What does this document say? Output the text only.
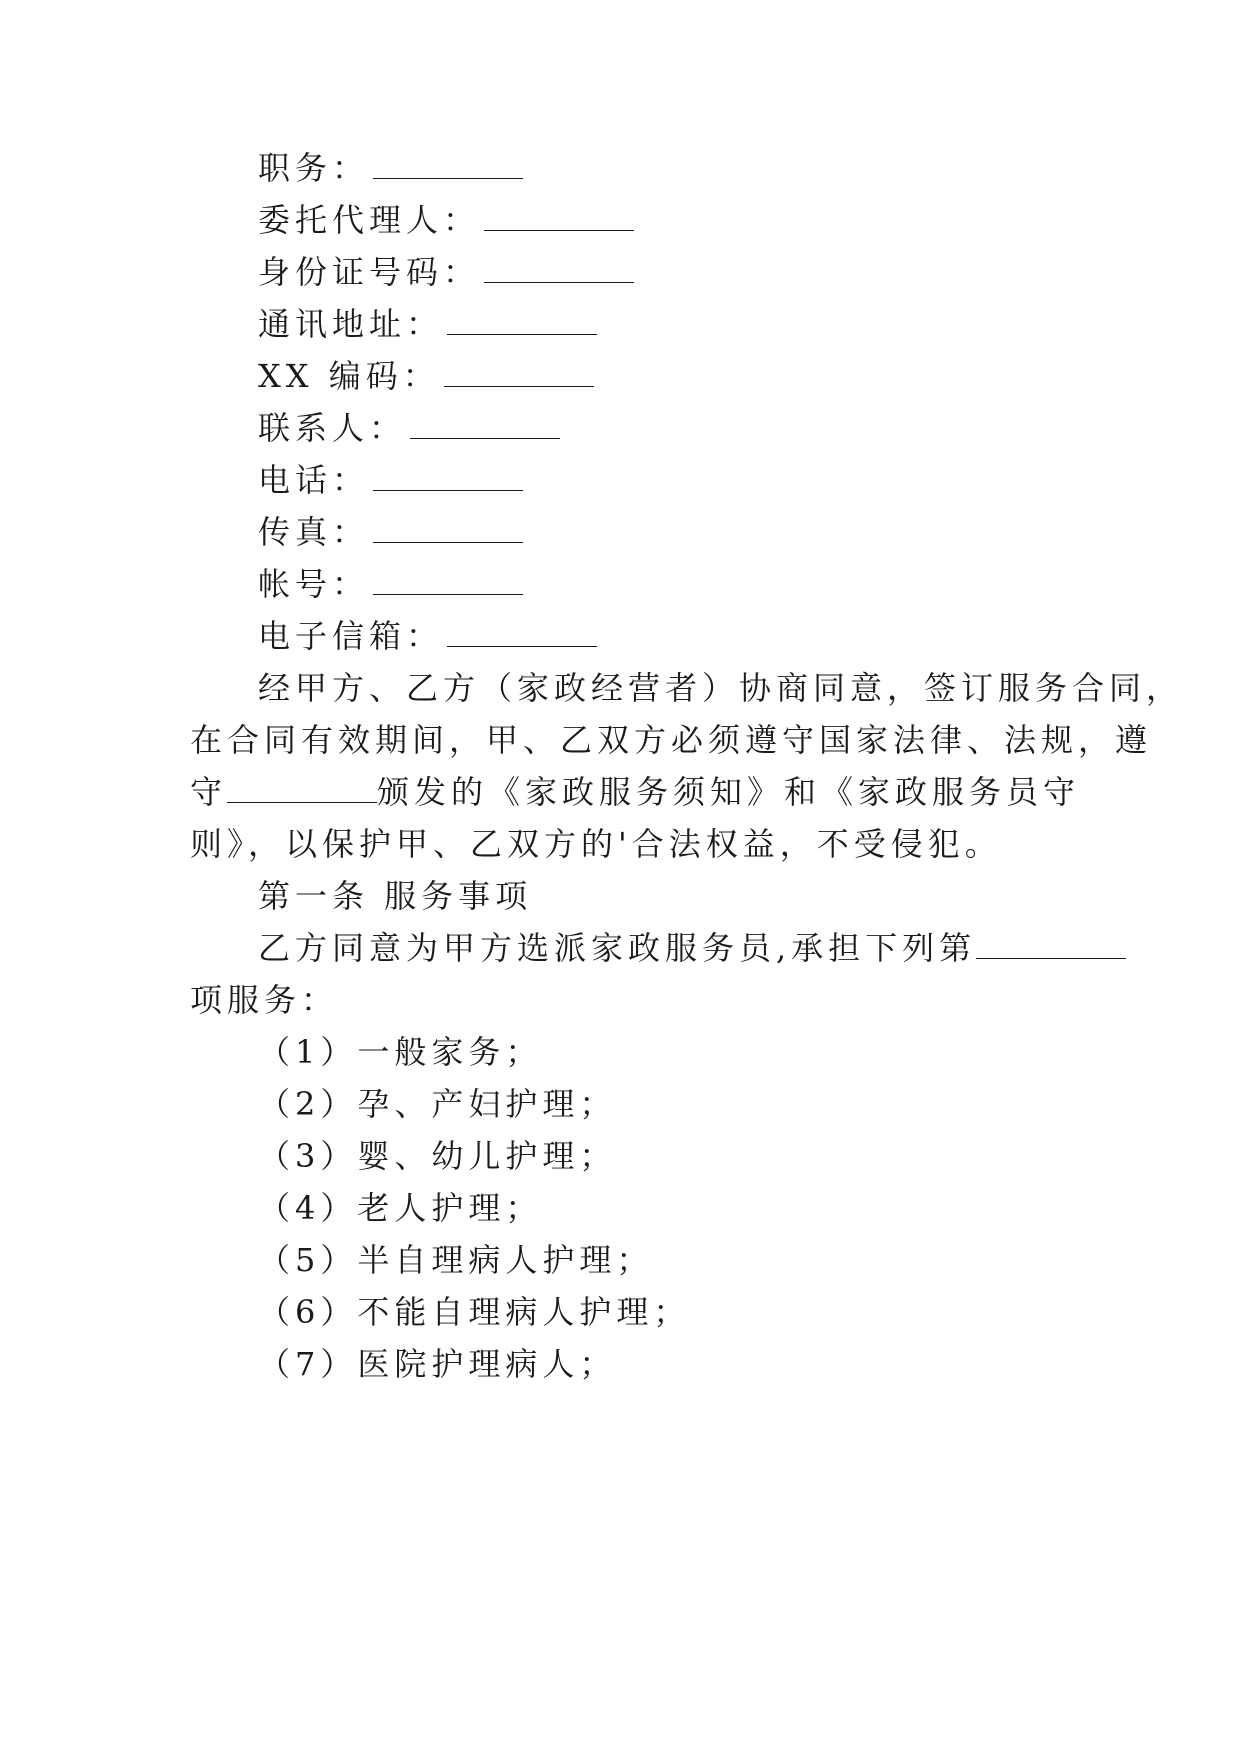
职务：
委托代理人：
身份证号码：
通讯地址：
XX 编码：
联系人：
电话：
传真：
帐号：
电子信箱：
经甲方、乙方（家政经营者）协商同意，签订服务合同，
在合同有效期间，甲、乙双方必须遵守国家法律、法规，遵
守	颁发的《家政服务须知》和《家政服务员守
则》，以保护甲、乙双方的'合法权益，不受侵犯。
第一条 服务事项
乙方同意为甲方选派家政服务员,承担下列第
项服务：
（1）一般家务；
（2）孕、产妇护理；
（3）婴、幼儿护理；
（4）老人护理；
（5）半自理病人护理；
（6）不能自理病人护理；
（7）医院护理病人；
